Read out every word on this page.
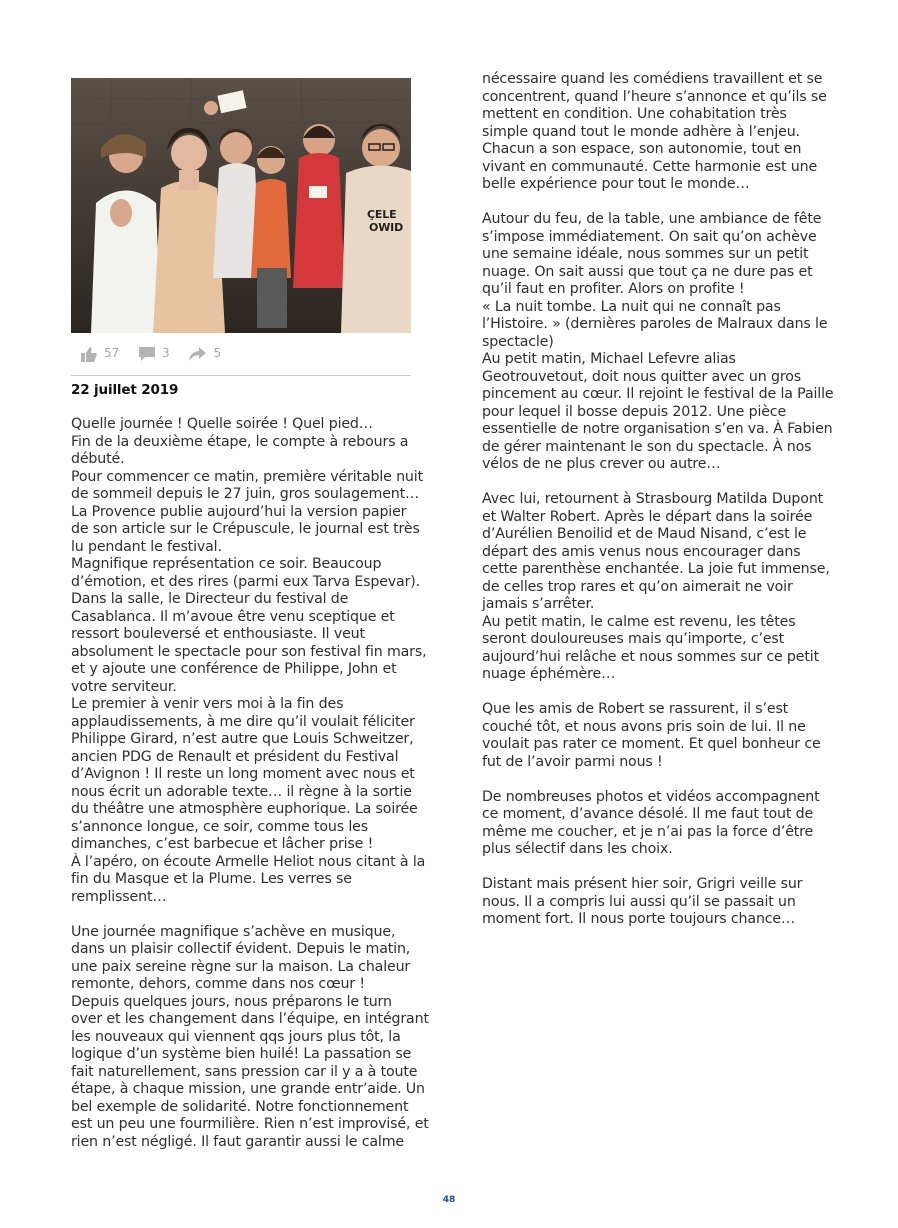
ÇELE OWID
57	3	5
22 juillet 2019
Quelle journée ! Quelle soirée ! Quel pied…
Fin de la deuxième étape, le compte à rebours a
débuté.
Pour commencer ce matin, première véritable nuit
de sommeil depuis le 27 juin, gros soulagement…
La Provence publie aujourd’hui la version papier
de son article sur le Crépuscule, le journal est très
lu pendant le festival.
Magnifique représentation ce soir. Beaucoup
d’émotion, et des rires (parmi eux Tarva Espevar).
Dans la salle, le Directeur du festival de
Casablanca. Il m’avoue être venu sceptique et
ressort bouleversé et enthousiaste. Il veut
absolument le spectacle pour son festival fin mars,
et y ajoute une conférence de Philippe, John et
votre serviteur.
Le premier à venir vers moi à la fin des
applaudissements, à me dire qu’il voulait féliciter
Philippe Girard, n’est autre que Louis Schweitzer,
ancien PDG de Renault et président du Festival
d’Avignon ! Il reste un long moment avec nous et
nous écrit un adorable texte… il règne à la sortie
du théâtre une atmosphère euphorique. La soirée
s’annonce longue, ce soir, comme tous les
dimanches, c’est barbecue et lâcher prise !
À l’apéro, on écoute Armelle Heliot nous citant à la
fin du Masque et la Plume. Les verres se
remplissent…
Une journée magnifique s’achève en musique,
dans un plaisir collectif évident. Depuis le matin,
une paix sereine règne sur la maison. La chaleur
remonte, dehors, comme dans nos cœur !
Depuis quelques jours, nous préparons le turn
over et les changement dans l’équipe, en intégrant
les nouveaux qui viennent qqs jours plus tôt, la
logique d’un système bien huilé! La passation se
fait naturellement, sans pression car il y a à toute
étape, à chaque mission, une grande entr’aide. Un
bel exemple de solidarité. Notre fonctionnement
est un peu une fourmilière. Rien n’est improvisé, et
rien n’est négligé. Il faut garantir aussi le calme
nécessaire quand les comédiens travaillent et se
concentrent, quand l’heure s’annonce et qu’ils se
mettent en condition. Une cohabitation très
simple quand tout le monde adhère à l’enjeu.
Chacun a son espace, son autonomie, tout en
vivant en communauté. Cette harmonie est une
belle expérience pour tout le monde…
Autour du feu, de la table, une ambiance de fête
s’impose immédiatement. On sait qu’on achève
une semaine idéale, nous sommes sur un petit
nuage. On sait aussi que tout ça ne dure pas et
qu’il faut en profiter. Alors on profite !
« La nuit tombe. La nuit qui ne connaît pas
l’Histoire. » (dernières paroles de Malraux dans le
spectacle)
Au petit matin, Michael Lefevre alias
Geotrouvetout, doit nous quitter avec un gros
pincement au cœur. Il rejoint le festival de la Paille
pour lequel il bosse depuis 2012. Une pièce
essentielle de notre organisation s’en va. À Fabien
de gérer maintenant le son du spectacle. À nos
vélos de ne plus crever ou autre…
Avec lui, retournent à Strasbourg Matilda Dupont
et Walter Robert. Après le départ dans la soirée
d’Aurélien Benoilid et de Maud Nisand, c’est le
départ des amis venus nous encourager dans
cette parenthèse enchantée. La joie fut immense,
de celles trop rares et qu’on aimerait ne voir
jamais s’arrêter.
Au petit matin, le calme est revenu, les têtes
seront douloureuses mais qu’importe, c’est
aujourd’hui relâche et nous sommes sur ce petit
nuage éphémère…
Que les amis de Robert se rassurent, il s’est
couché tôt, et nous avons pris soin de lui. Il ne
voulait pas rater ce moment. Et quel bonheur ce
fut de l’avoir parmi nous !
De nombreuses photos et vidéos accompagnent
ce moment, d’avance désolé. Il me faut tout de
même me coucher, et je n’ai pas la force d’être
plus sélectif dans les choix.
Distant mais présent hier soir, Grigri veille sur
nous. Il a compris lui aussi qu’il se passait un
moment fort. Il nous porte toujours chance…
48
